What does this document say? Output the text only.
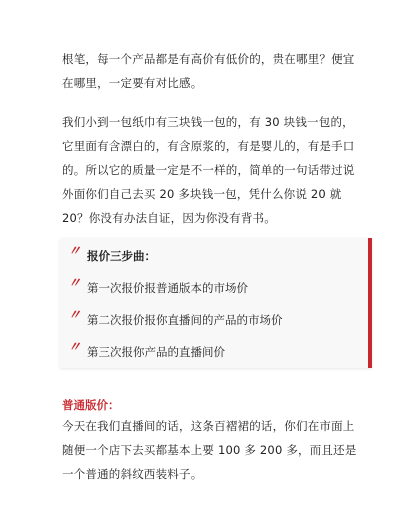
根笔，每一个产品都是有高价有低价的，贵在哪里？便宜在哪里，一定要有对比感。

我们小到一包纸巾有三块钱一包的，有 30 块钱一包的，它里面有含漂白的，有含原浆的，有是婴儿的，有是手口的。所以它的质量一定是不一样的，简单的一句话带过说外面你们自己去买 20 多块钱一包，凭什么你说 20 就 20？你没有办法自证，因为你没有背书。

〃 报价三步曲：
〃 第一次报价报普通版本的市场价
〃 第二次报价报你直播间的产品的市场价
〃 第三次报你产品的直播间价

普通版价：

今天在我们直播间的话，这条百褶裙的话，你们在市面上随便一个店下去买都基本上要 100 多 200 多，而且还是一个普通的斜纹西装料子。
